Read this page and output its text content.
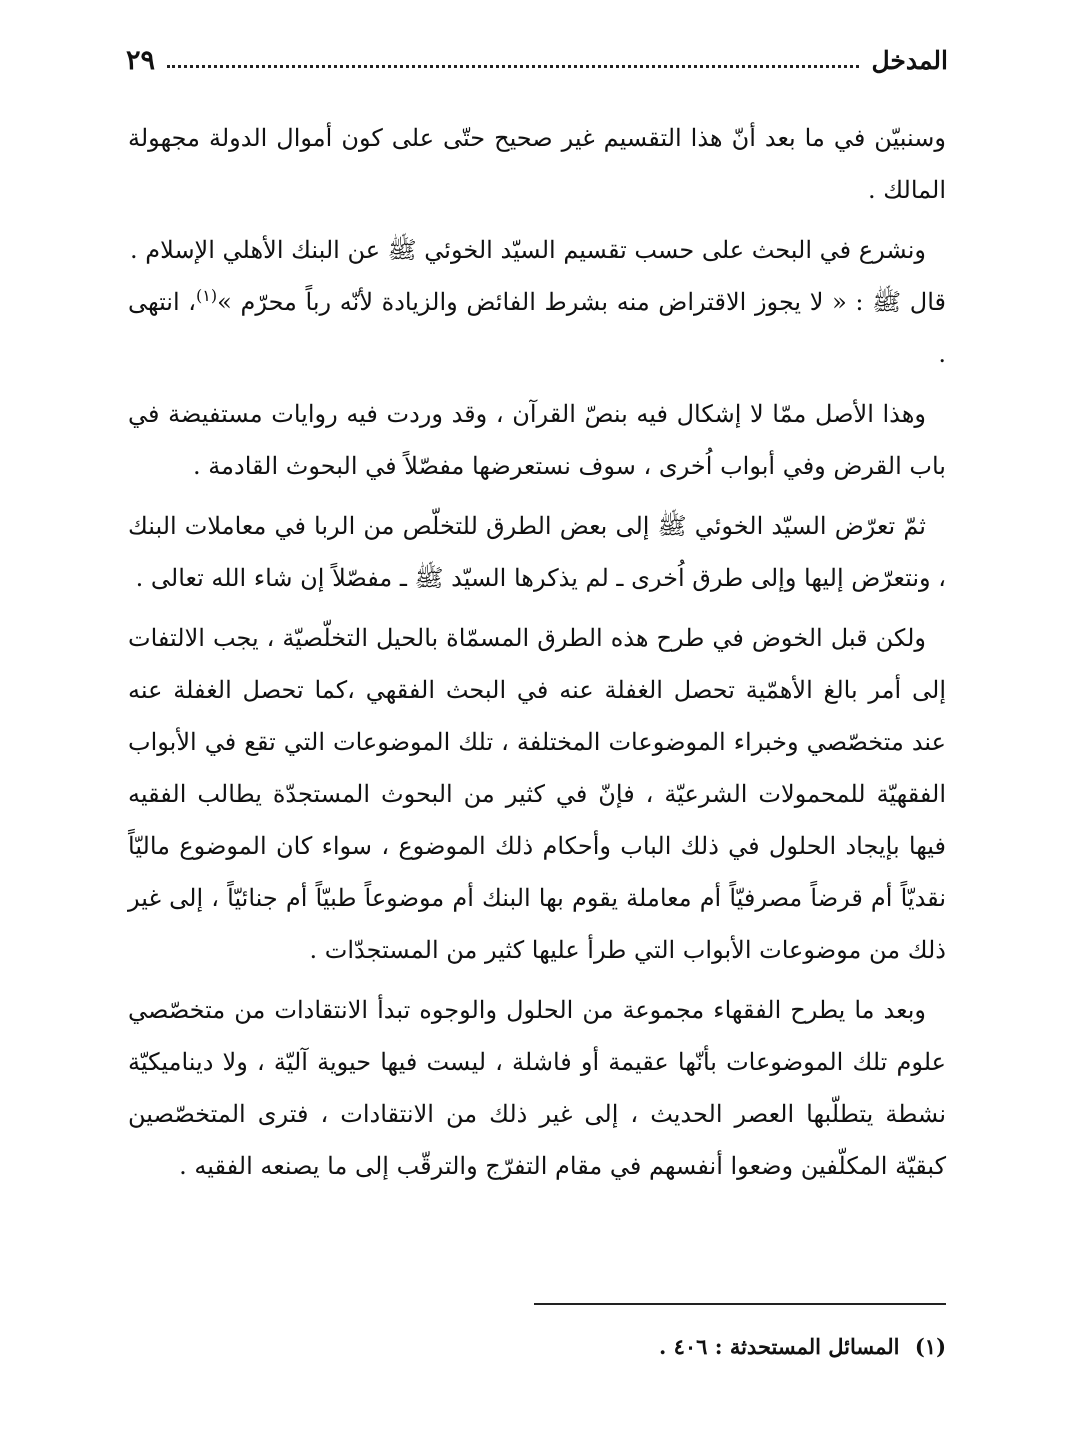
المدخل
٢٩

وسنبيّن في ما بعد أنّ هذا التقسيم غير صحيح حتّى على كون أموال الدولة مجهولة المالك .

ونشرع في البحث على حسب تقسيم السيّد الخوئي ﷺ عن البنك الأهلي الإسلام .

قال ﷺ : « لا يجوز الاقتراض منه بشرط الفائض والزيادة لأنّه رباً محرّم »$^{(١)}$، انتهى .

وهذا الأصل ممّا لا إشكال فيه بنصّ القرآن ، وقد وردت فيه روايات مستفيضة في باب القرض وفي أبواب اُخرى ، سوف نستعرضها مفصّلاً في البحوث القادمة .

ثمّ تعرّض السيّد الخوئي ﷺ إلى بعض الطرق للتخلّص من الربا في معاملات البنك ، ونتعرّض إليها وإلى طرق اُخرى ـ لم يذكرها السيّد ﷺ ـ مفصّلاً إن شاء الله تعالى .

ولكن قبل الخوض في طرح هذه الطرق المسمّاة بالحيل التخلّصيّة ، يجب الالتفات إلى أمر بالغ الأهمّية تحصل الغفلة عنه في البحث الفقهي ،كما تحصل الغفلة عنه عند متخصّصي وخبراء الموضوعات المختلفة ، تلك الموضوعات التي تقع في الأبواب الفقهيّة للمحمولات الشرعيّة ، فإنّ في كثير من البحوث المستجدّة يطالب الفقيه فيها بإيجاد الحلول في ذلك الباب وأحكام ذلك الموضوع ، سواء كان الموضوع ماليّاً نقديّاً أم قرضاً مصرفيّاً أم معاملة يقوم بها البنك أم موضوعاً طبيّاً أم جنائيّاً ، إلى غير ذلك من موضوعات الأبواب التي طرأ عليها كثير من المستجدّات .

وبعد ما يطرح الفقهاء مجموعة من الحلول والوجوه تبدأ الانتقادات من متخصّصي علوم تلك الموضوعات بأنّها عقيمة أو فاشلة ، ليست فيها حيوية آليّة ، ولا ديناميكيّة نشطة يتطلّبها العصر الحديث ، إلى غير ذلك من الانتقادات ، فترى المتخصّصين كبقيّة المكلّفين وضعوا أنفسهم في مقام التفرّج والترقّب إلى ما يصنعه الفقيه .

(١) المسائل المستحدثة : ٤٠٦ .
